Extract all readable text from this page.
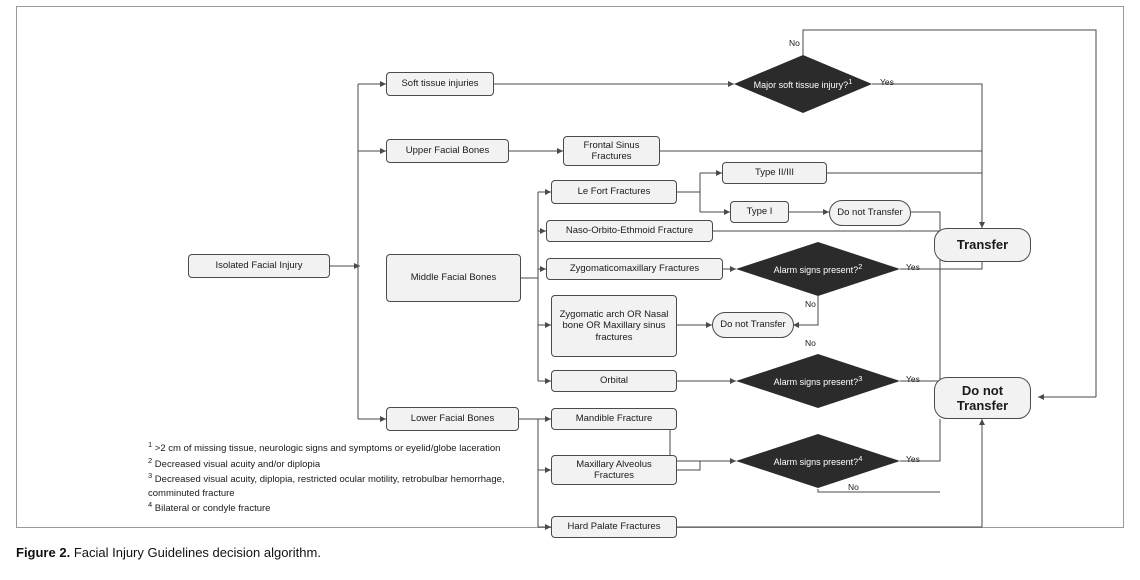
Isolated Facial Injury
Soft tissue injuries
Upper Facial Bones
Middle Facial Bones
Lower Facial Bones
Frontal Sinus Fractures
Le Fort Fractures
Type II/III
Type I
Naso-Orbito-Ethmoid Fracture
Zygomaticomaxillary Fractures
Zygomatic arch OR Nasal bone OR Maxillary sinus fractures
Orbital
Mandible Fracture
Maxillary Alveolus Fractures
Hard Palate Fractures
Do not Transfer
Do not Transfer
Transfer
Do not Transfer
Major soft tissue injury?$^1$
Alarm signs present?$^2$
Alarm signs present?$^3$
Alarm signs present?$^4$
No
Yes
Yes
No
No
Yes
Yes
No
$^1$ >2 cm of missing tissue, neurologic signs and symptoms or eyelid/globe laceration
$^2$ Decreased visual acuity and/or diplopia
$^3$ Decreased visual acuity, diplopia, restricted ocular motility, retrobulbar hemorrhage, comminuted fracture
$^4$ Bilateral or condyle fracture
Figure 2. Facial Injury Guidelines decision algorithm.
